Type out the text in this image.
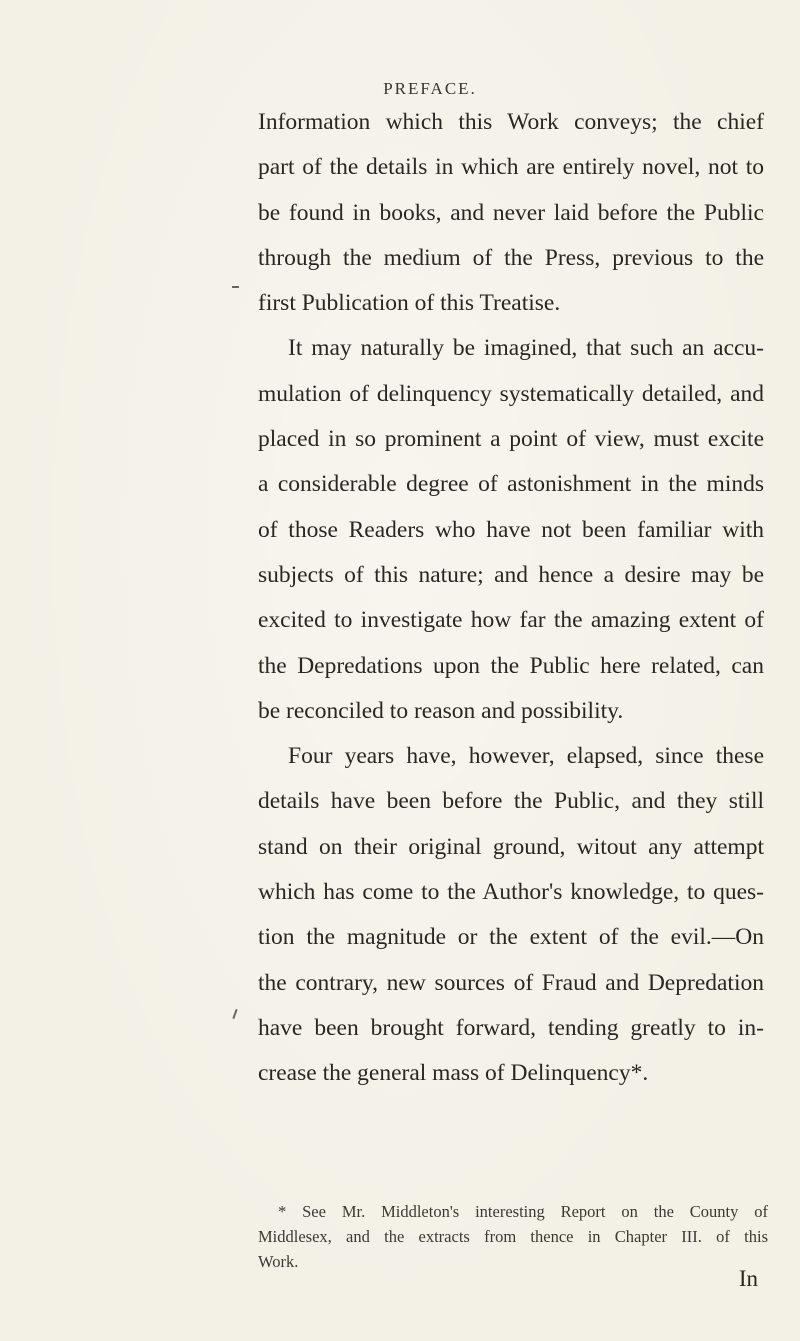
PREFACE.
Information which this Work conveys; the chief
part of the details in which are entirely novel, not to
be found in books, and never laid before the Public
through the medium of the Press, previous to the
first Publication of this Treatise.
It may naturally be imagined, that such an accu-
mulation of delinquency systematically detailed, and
placed in so prominent a point of view, must excite
a considerable degree of astonishment in the minds
of those Readers who have not been familiar with
subjects of this nature; and hence a desire may be
excited to investigate how far the amazing extent of
the Depredations upon the Public here related, can
be reconciled to reason and possibility.
Four years have, however, elapsed, since these
details have been before the Public, and they still
stand on their original ground, witout any attempt
which has come to the Author's knowledge, to ques-
tion the magnitude or the extent of the evil.—On
the contrary, new sources of Fraud and Depredation
have been brought forward, tending greatly to in-
crease the general mass of Delinquency*.
* See Mr. Middleton's interesting Report on the County of
Middlesex, and the extracts from thence in Chapter III. of this
Work.
In
